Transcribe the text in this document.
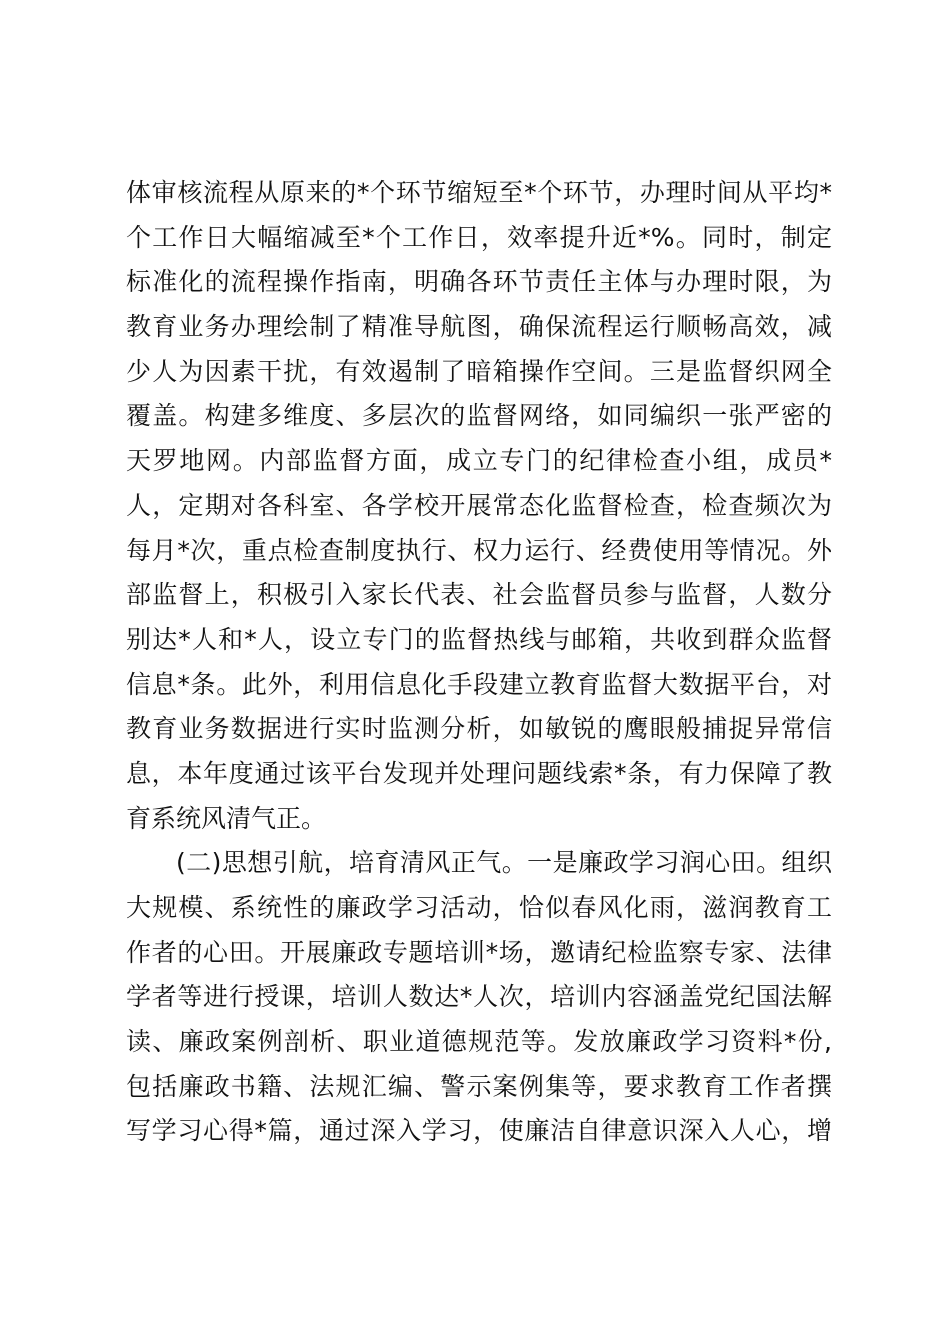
体审核流程从原来的*个环节缩短至*个环节，办理时间从平均*
个工作日大幅缩减至*个工作日，效率提升近*%。同时，制定
标准化的流程操作指南，明确各环节责任主体与办理时限，为
教育业务办理绘制了精准导航图，确保流程运行顺畅高效，减
少人为因素干扰，有效遏制了暗箱操作空间。三是监督织网全
覆盖。构建多维度、多层次的监督网络，如同编织一张严密的
天罗地网。内部监督方面，成立专门的纪律检查小组，成员*
人，定期对各科室、各学校开展常态化监督检查，检查频次为
每月*次，重点检查制度执行、权力运行、经费使用等情况。外
部监督上，积极引入家长代表、社会监督员参与监督，人数分
别达*人和*人，设立专门的监督热线与邮箱，共收到群众监督
信息*条。此外，利用信息化手段建立教育监督大数据平台，对
教育业务数据进行实时监测分析，如敏锐的鹰眼般捕捉异常信
息，本年度通过该平台发现并处理问题线索*条，有力保障了教
育系统风清气正。
(二)思想引航，培育清风正气。一是廉政学习润心田。组织
大规模、系统性的廉政学习活动，恰似春风化雨，滋润教育工
作者的心田。开展廉政专题培训*场，邀请纪检监察专家、法律
学者等进行授课，培训人数达*人次，培训内容涵盖党纪国法解
读、廉政案例剖析、职业道德规范等。发放廉政学习资料*份,
包括廉政书籍、法规汇编、警示案例集等，要求教育工作者撰
写学习心得*篇，通过深入学习，使廉洁自律意识深入人心，增
